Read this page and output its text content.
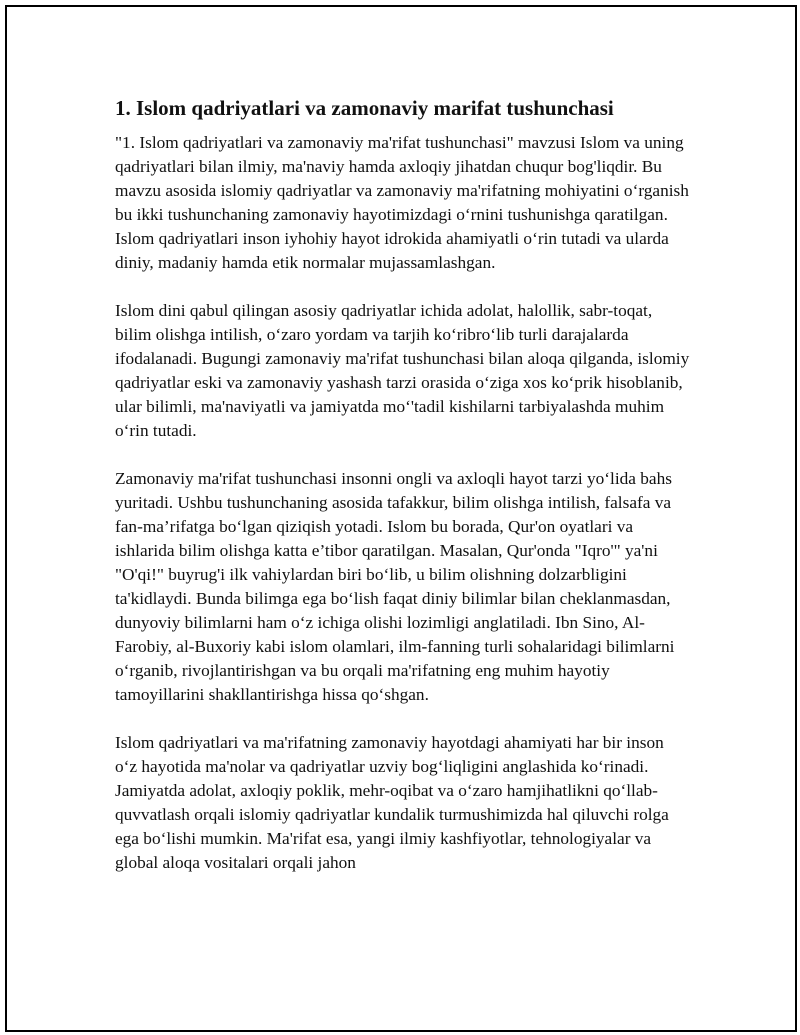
1. Islom qadriyatlari va zamonaviy marifat tushunchasi

"1. Islom qadriyatlari va zamonaviy ma'rifat tushunchasi" mavzusi Islom va uning qadriyatlari bilan ilmiy, ma'naviy hamda axloqiy jihatdan chuqur bog'liqdir. Bu mavzu asosida islomiy qadriyatlar va zamonaviy ma'rifatning mohiyatini o‘rganish bu ikki tushunchaning zamonaviy hayotimizdagi o‘rnini tushunishga qaratilgan. Islom qadriyatlari inson iyhohiy hayot idrokida ahamiyatli o‘rin tutadi va ularda diniy, madaniy hamda etik normalar mujassamlashgan.

Islom dini qabul qilingan asosiy qadriyatlar ichida adolat, halollik, sabr-toqat, bilim olishga intilish, o‘zaro yordam va tarjih ko‘ribro‘lib turli darajalarda ifodalanadi. Bugungi zamonaviy ma'rifat tushunchasi bilan aloqa qilganda, islomiy qadriyatlar eski va zamonaviy yashash tarzi orasida o‘ziga xos ko‘prik hisoblanib, ular bilimli, ma'naviyatli va jamiyatda mo‘'tadil kishilarni tarbiyalashda muhim o‘rin tutadi.

Zamonaviy ma'rifat tushunchasi insonni ongli va axloqli hayot tarzi yo‘lida bahs yuritadi. Ushbu tushunchaning asosida tafakkur, bilim olishga intilish, falsafa va fan-ma’rifatga bo‘lgan qiziqish yotadi. Islom bu borada, Qur'on oyatlari va ishlarida bilim olishga katta e’tibor qaratilgan. Masalan, Qur'onda "Iqro'" ya'ni "O'qi!" buyrug'i ilk vahiylardan biri bo‘lib, u bilim olishning dolzarbligini ta'kidlaydi. Bunda bilimga ega bo‘lish faqat diniy bilimlar bilan cheklanmasdan, dunyoviy bilimlarni ham o‘z ichiga olishi lozimligi anglatiladi. Ibn Sino, Al-Farobiy, al-Buxoriy kabi islom olamlari, ilm-fanning turli sohalaridagi bilimlarni o‘rganib, rivojlantirishgan va bu orqali ma'rifatning eng muhim hayotiy tamoyillarini shakllantirishga hissa qo‘shgan.

Islom qadriyatlari va ma'rifatning zamonaviy hayotdagi ahamiyati har bir inson o‘z hayotida ma'nolar va qadriyatlar uzviy bog‘liqligini anglashida ko‘rinadi. Jamiyatda adolat, axloqiy poklik, mehr-oqibat va o‘zaro hamjihatlikni qo‘llab-quvvatlash orqali islomiy qadriyatlar kundalik turmushimizda hal qiluvchi rolga ega bo‘lishi mumkin. Ma'rifat esa, yangi ilmiy kashfiyotlar, tehnologiyalar va global aloqa vositalari orqali jahon
